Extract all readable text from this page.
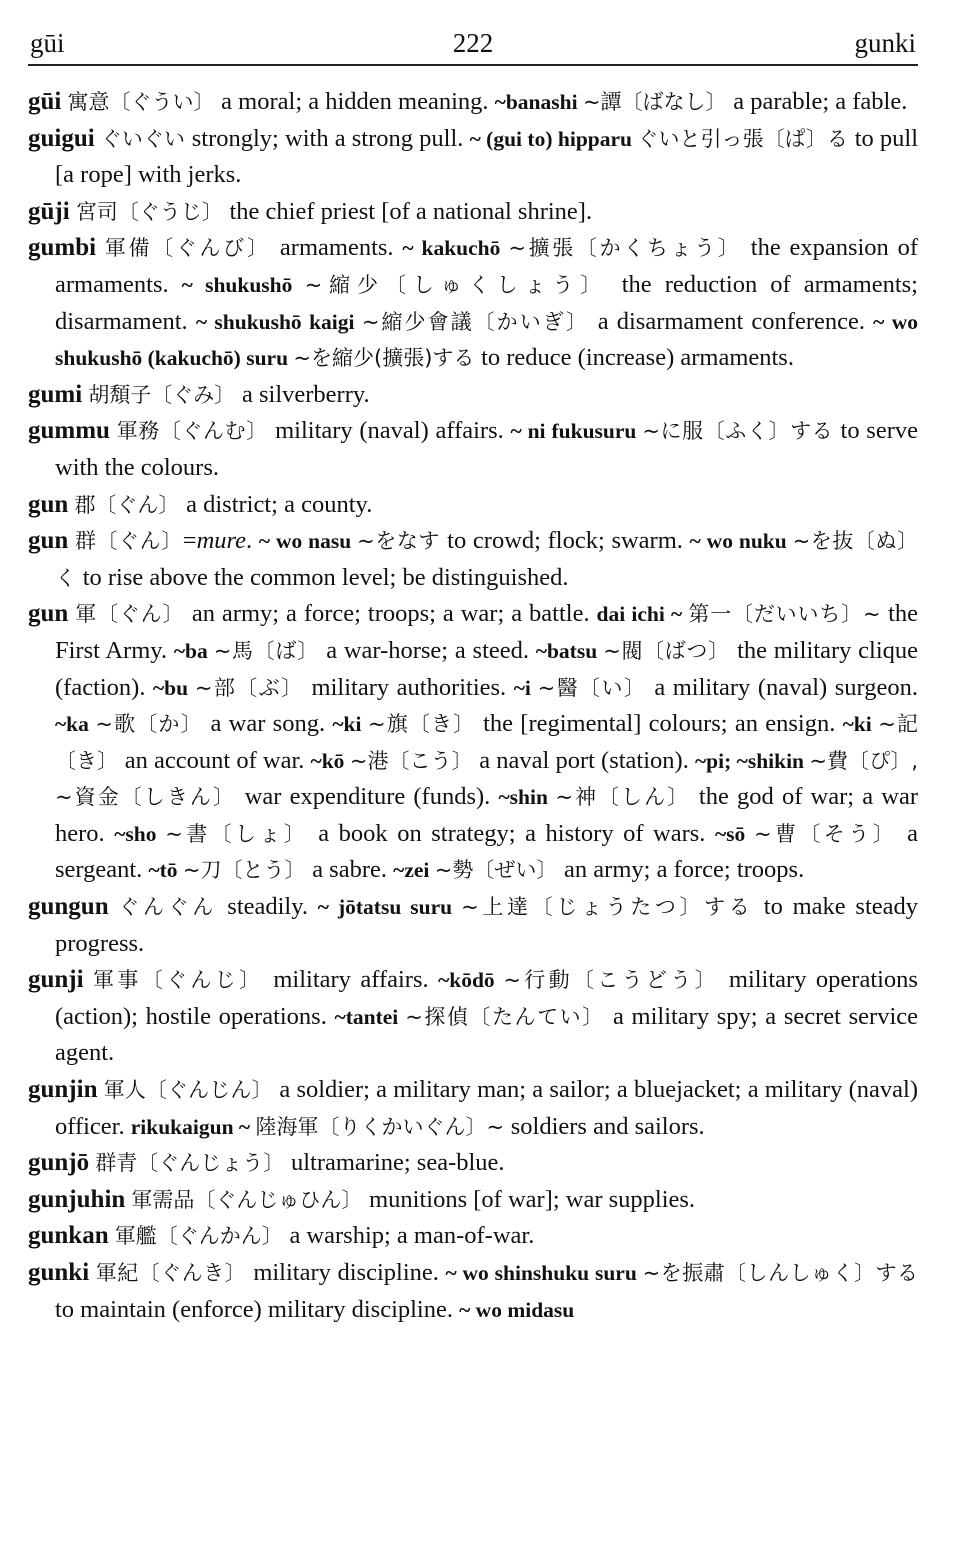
gūi	222	gunki

gūi 寓意〔ぐうい〕 a moral; a hidden meaning. ~banashi ~譚〔ばなし〕 a parable; a fable.

guigui ぐいぐい strongly; with a strong pull. ~ (gui to) hipparu ぐいと引っ張〔ぱ〕る to pull [a rope] with jerks.

gūji 宮司〔ぐうじ〕 the chief priest [of a national shrine].

gumbi 軍備〔ぐんび〕 armaments. ~ kakuchō ~擴張〔かくちょう〕 the expansion of armaments. ~ shukushō ~縮少〔しゅくしょう〕 the reduction of armaments; disarmament. ~ shukushō kaigi ~縮少會議〔かいぎ〕 a disarmament conference. ~ wo shukushō (kakuchō) suru ~を縮少(擴張)する to reduce (increase) armaments.

gumi 胡頽子〔ぐみ〕 a silverberry.

gummu 軍務〔ぐんむ〕 military (naval) affairs. ~ ni fukusuru ~に服〔ふく〕する to serve with the colours.

gun 郡〔ぐん〕 a district; a county.

gun 群〔ぐん〕=mure. ~ wo nasu ~をなす to crowd; flock; swarm. ~ wo nuku ~を抜〔ぬ〕く to rise above the common level; be distinguished.

gun 軍〔ぐん〕 an army; a force; troops; a war; a battle. dai ichi ~ 第一〔だいいち〕~ the First Army. ~ba ~馬〔ば〕 a war-horse; a steed. ~batsu ~閥〔ばつ〕 the military clique (faction). ~bu ~部〔ぶ〕 military authorities. ~i ~醫〔い〕 a military (naval) surgeon. ~ka ~歌〔か〕 a war song. ~ki ~旗〔き〕 the [regimental] colours; an ensign. ~ki ~記〔き〕 an account of war. ~kō ~港〔こう〕 a naval port (station). ~pi; ~shikin ~費〔ぴ〕, ~資金〔しきん〕 war expenditure (funds). ~shin ~神〔しん〕 the god of war; a war hero. ~sho ~書〔しょ〕 a book on strategy; a history of wars. ~sō ~曹〔そう〕 a sergeant. ~tō ~刀〔とう〕 a sabre. ~zei ~勢〔ぜい〕 an army; a force; troops.

gungun ぐんぐん steadily. ~ jōtatsu suru ~上達〔じょうたつ〕する to make steady progress.

gunji 軍事〔ぐんじ〕 military affairs. ~kōdō ~行動〔こうどう〕 military operations (action); hostile operations. ~tantei ~探偵〔たんてい〕 a military spy; a secret service agent.

gunjin 軍人〔ぐんじん〕 a soldier; a military man; a sailor; a bluejacket; a military (naval) officer. rikukaigun ~ 陸海軍〔りくかいぐん〕~ soldiers and sailors.

gunjō 群青〔ぐんじょう〕 ultramarine; sea-blue.

gunjuhin 軍需品〔ぐんじゅひん〕 munitions [of war]; war supplies.

gunkan 軍艦〔ぐんかん〕 a warship; a man-of-war.

gunki 軍紀〔ぐんき〕 military discipline. ~ wo shinshuku suru ~を振肅〔しんしゅく〕する to maintain (enforce) military discipline. ~ wo midasu
